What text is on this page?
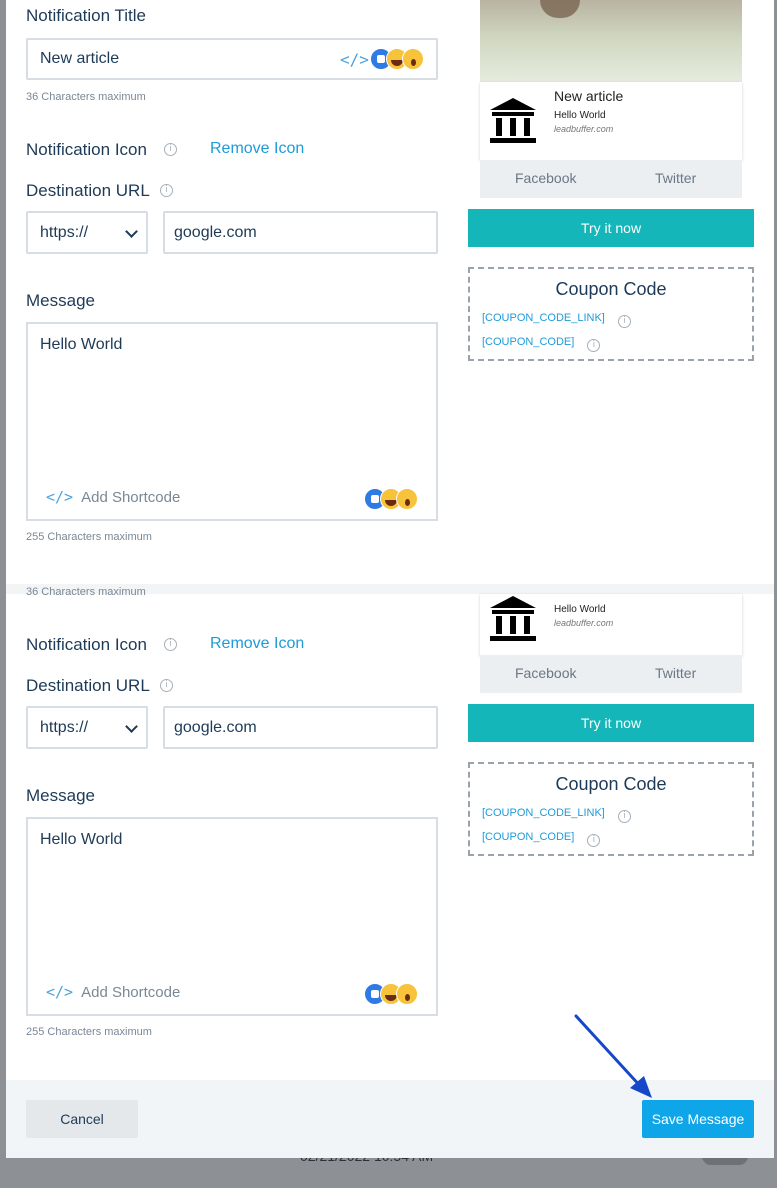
Notification Title
New article	</>
36 Characters maximum
Notification Icon	i	Remove Icon
Destination URL	i
https://	google.com
Message
Hello World
</> Add Shortcode
255 Characters maximum
New article
Hello World
leadbuffer.com
Facebook	Twitter
Try it now
Coupon Code
[COUPON_CODE_LINK] i
[COUPON_CODE] i
36 Characters maximum
Notification Icon	i	Remove Icon
Destination URL	i
https://	google.com
Message
Hello World
</> Add Shortcode
255 Characters maximum
Hello World
leadbuffer.com
Facebook	Twitter
Try it now
Coupon Code
[COUPON_CODE_LINK] i
[COUPON_CODE] i
Cancel	Save Message
